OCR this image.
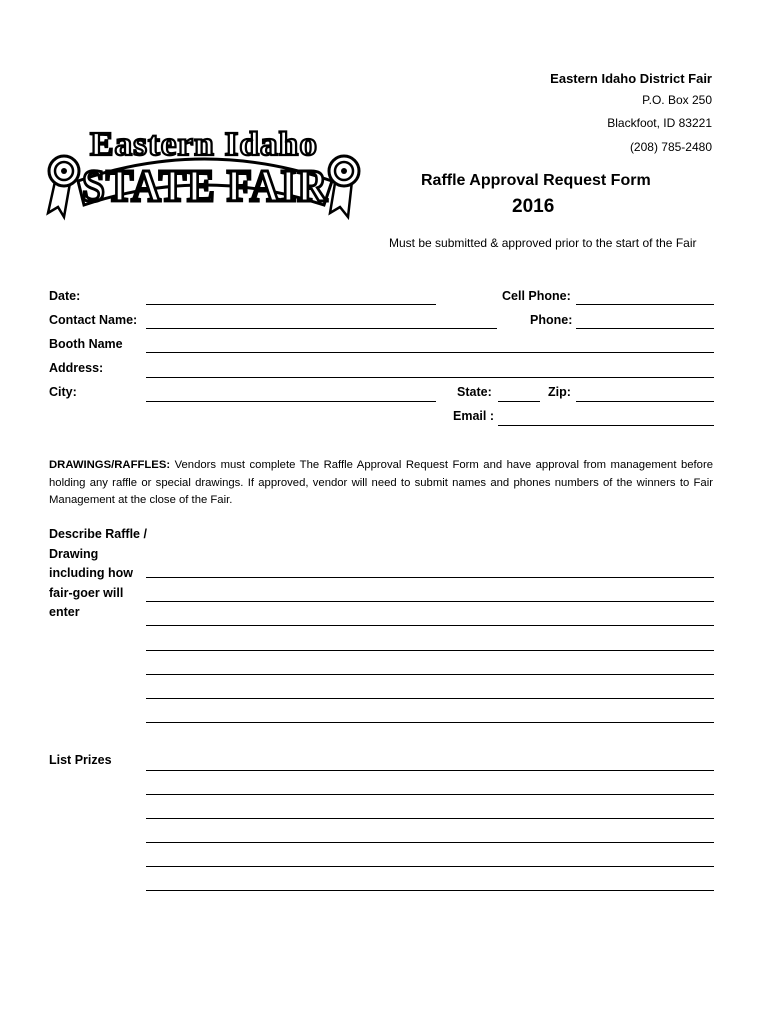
Eastern Idaho
STATE FAIR
Eastern Idaho District Fair
P.O. Box 250
Blackfoot, ID 83221
(208) 785-2480
Raffle Approval Request Form
2016
Must be submitted & approved prior to the start of the Fair
Date:	Cell Phone:
Contact Name:	Phone:
Booth Name
Address:
City:	State:	Zip:
Email :
DRAWINGS/RAFFLES: Vendors must complete The Raffle Approval Request Form and have approval from management before holding any raffle or special drawings. If approved, vendor will need to submit names and phones numbers of the winners to Fair Management at the close of the Fair.
Describe Raffle / Drawing including how fair-goer will enter
List Prizes
